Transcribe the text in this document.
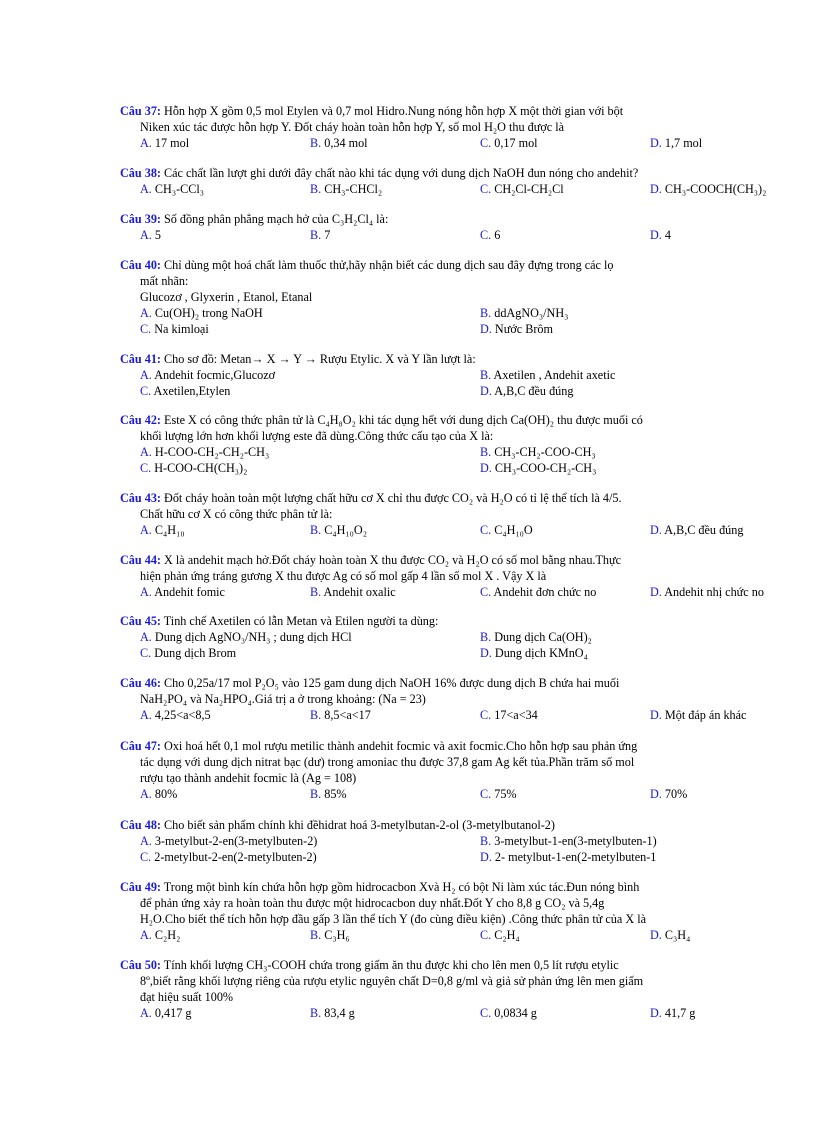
Câu 37: Hỗn hợp X gồm 0,5 mol Etylen và 0,7 mol Hidro.Nung nóng hỗn hợp X một thời gian với bột
Niken xúc tác được hỗn hợp Y. Đốt cháy hoàn toàn hỗn hợp Y, số mol H₂O thu được là
A. 17 mol	B. 0,34 mol	C. 0,17 mol	D. 1,7 mol
Câu 38: Các chất lần lượt ghi dưới đây chất nào khi tác dụng với dung dịch NaOH đun nóng cho andehit?
A. CH₃-CCl₃	B. CH₃-CHCl₂	C. CH₂Cl-CH₂Cl	D. CH₃-COOCH(CH₃)₂
Câu 39: Số đồng phân phẳng mạch hở của C₃H₂Cl₄ là:
A. 5	B. 7	C. 6	D. 4
Câu 40: Chỉ dùng một hoá chất làm thuốc thử,hãy nhận biết các dung dịch sau đây đựng trong các lọ
mất nhãn:
Glucozơ , Glyxerin , Etanol, Etanal
A. Cu(OH)₂ trong NaOH	B. ddAgNO₃/NH₃
C. Na kimloại	D. Nước Brôm
Câu 41: Cho sơ đồ: Metan→ X → Y → Rượu Etylic. X và Y lần lượt là:
A. Andehit focmic,Glucozơ	B. Axetilen , Andehit axetic
C. Axetilen,Etylen	D. A,B,C đều đúng
Câu 42: Este X có công thức phân tử là C₄H₈O₂ khi tác dụng hết với dung dịch Ca(OH)₂ thu được muối có
khối lượng lớn hơn khối lượng este đã dùng.Công thức cấu tạo của X là:
A. H-COO-CH₂-CH₂-CH₃	B. CH₃-CH₂-COO-CH₃
C. H-COO-CH(CH₃)₂	D. CH₃-COO-CH₂-CH₃
Câu 43: Đốt cháy hoàn toàn một lượng chất hữu cơ X chỉ thu được CO₂ và H₂O có tỉ lệ thể tích là 4/5.
Chất hữu cơ X có công thức phân tử là:
A. C₄H₁₀	B. C₄H₁₀O₂	C. C₄H₁₀O	D. A,B,C đều đúng
Câu 44: X là andehit mạch hở.Đốt cháy hoàn toàn X thu được CO₂ và H₂O có số mol bằng nhau.Thực
hiện phản ứng tráng gương X thu được Ag có số mol gấp 4 lần số mol X . Vậy X là
A. Andehit fomic	B. Andehit oxalic	C. Andehit đơn chức no	D. Andehit nhị chức no
Câu 45: Tinh chế Axetilen có lẫn Metan và Etilen người ta dùng:
A. Dung dịch AgNO₃/NH₃ ; dung dịch HCl	B. Dung dịch Ca(OH)₂
C. Dung dịch Brom	D. Dung dịch KMnO₄
Câu 46: Cho 0,25a/17 mol P₂O₅ vào 125 gam dung dịch NaOH 16% được dung dịch B chứa hai muối
NaH₂PO₄ và Na₂HPO₄.Giá trị a ở trong khoảng: (Na = 23)
A. 4,25<a<8,5	B. 8,5<a<17	C. 17<a<34	D. Một đáp án khác
Câu 47: Oxi hoá hết 0,1 mol rượu metilic thành andehit focmic và axit focmic.Cho hỗn hợp sau phản ứng
tác dụng với dung dịch nitrat bạc (dư) trong amoniac thu được 37,8 gam Ag kết tủa.Phần trăm số mol
rượu tạo thành andehit focmic là (Ag = 108)
A. 80%	B. 85%	C. 75%	D. 70%
Câu 48: Cho biết sản phẩm chính khi đềhidrat hoá 3-metylbutan-2-ol (3-metylbutanol-2)
A. 3-metylbut-2-en(3-metylbuten-2)	B. 3-metylbut-1-en(3-metylbuten-1)
C. 2-metylbut-2-en(2-metylbuten-2)	D. 2- metylbut-1-en(2-metylbuten-1
Câu 49: Trong một bình kín chứa hỗn hợp gồm hidrocacbon Xvà H₂ có bột Ni làm xúc tác.Đun nóng bình
để phản ứng xảy ra hoàn toàn thu được một hidrocacbon duy nhất.Đốt Y cho 8,8 g CO₂ và 5,4g
H₂O.Cho biết thể tích hỗn hợp đầu gấp 3 lần thể tích Y (đo cùng điều kiện) .Công thức phân tử của X là
A. C₂H₂	B. C₃H₆	C. C₂H₄	D. C₃H₄
Câu 50: Tính khối lượng CH₃-COOH chứa trong giấm ăn thu được khi cho lên men 0,5 lít rượu etylic
8º,biết rằng khối lượng riêng của rượu etylic nguyên chất D=0,8 g/ml và giả sử phản ứng lên men giấm
đạt hiệu suất 100%
A. 0,417 g	B. 83,4 g	C. 0,0834 g	D. 41,7 g
